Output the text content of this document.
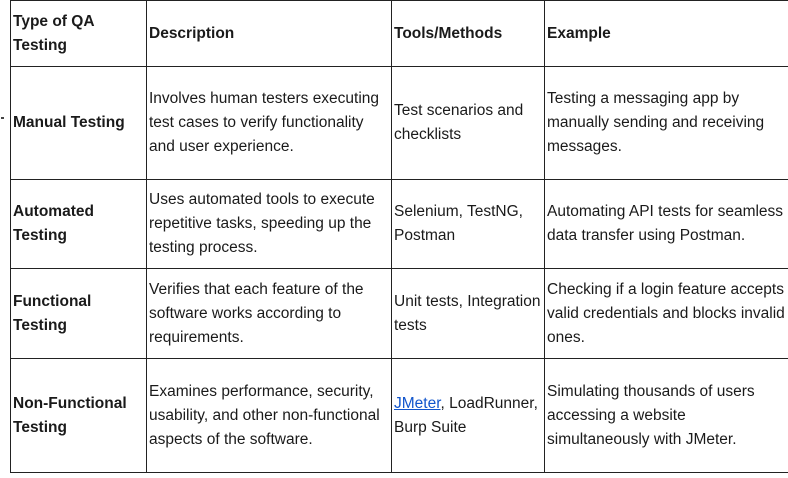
Type of QA Testing	Description	Tools/Methods	Example
Manual Testing	Involves human testers executing test cases to verify functionality and user experience.	Test scenarios and checklists	Testing a messaging app by manually sending and receiving messages.
Automated Testing	Uses automated tools to execute repetitive tasks, speeding up the testing process.	Selenium, TestNG, Postman	Automating API tests for seamless data transfer using Postman.
Functional Testing	Verifies that each feature of the software works according to requirements.	Unit tests, Integration tests	Checking if a login feature accepts valid credentials and blocks invalid ones.
Non-Functional Testing	Examines performance, security, usability, and other non-functional aspects of the software.	JMeter, LoadRunner, Burp Suite	Simulating thousands of users accessing a website simultaneously with JMeter.
